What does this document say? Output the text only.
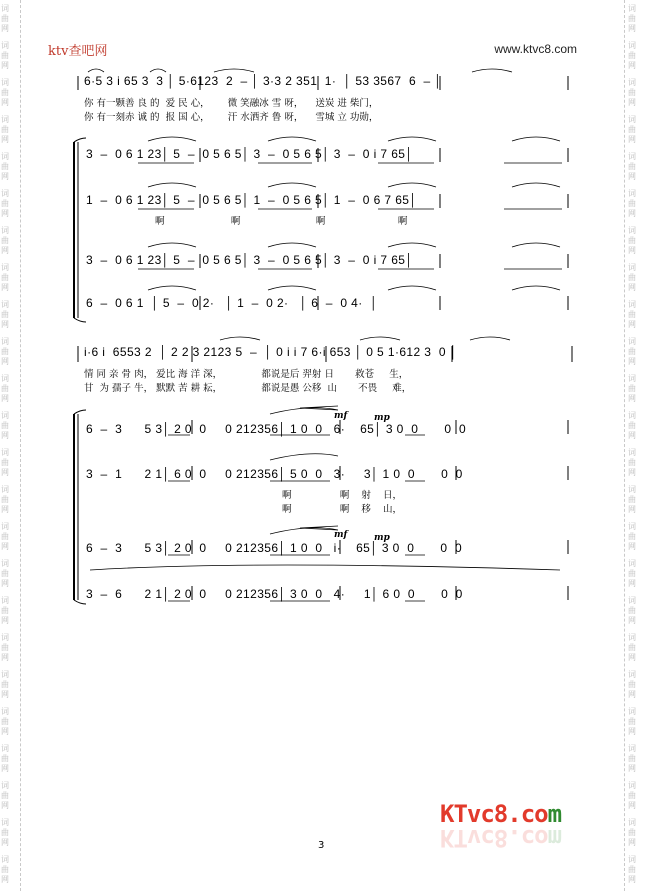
词
曲
网
词
曲
网
词
曲
网
词
曲
网
词
曲
网
词
曲
网
词
曲
网
词
曲
网
词
曲
网
词
曲
网
词
曲
网
词
曲
网
词
曲
网
词
曲
网
词
曲
网
词
曲
网
词
曲
网
词
曲
网
词
曲
网
词
曲
网
词
曲
网
词
曲
网
词
曲
网
词
曲
网
词
曲
网
词
曲
网
词
曲
网
词
曲
网
词
曲
网
词
曲
网
词
曲
网
词
曲
网
词
曲
网
词
曲
网
词
曲
网
词
曲
网
词
曲
网
词
曲
网
词
曲
网
词
曲
网
词
曲
网
词
曲
网
词
曲
网
词
曲
网
词
曲
网
词
曲
网
词
曲
网
词
曲
网
ktv查吧网	www.ktvc8.com
6·5 3 i 65 3  3 │ 5·6123  2  – │ 3·3 2 351  1·  │ 53 3567  6  – │
你 有一颗善 良 的  爱 民 心，      微 笑融冰 雪 呀，    送炭 进 柴门，
你 有一刻赤 诚 的  报 国 心，      汗 水洒齐 鲁 呀，    雪城 立 功勋，
3  –  0 6 1 23│ 5  –  0 5 6 5│ 3  –  0 5 6 5│ 3  –  0 i 7 65│
1  –  0 6 1 23│ 5  –  0 5 6 5│ 1  –  0 5 6 5│ 1  –  0 6 7 65│
啊                      啊                         啊                        啊
3  –  0 6 1 23│ 5  –  0 5 6 5│ 3  –  0 5 6 5│ 3  –  0 i 7 65│
6  –  0 6 1  │ 5  –  0 2·   │ 1  –  0 2·   │ 6  –  0 4·  │
i·6 i  6553 2  │ 2 2 3 2123 5  –  │ 0 i i 7 6·i 653 │ 0 5 1·612 3  0 │
情 同 亲 骨 肉， 爱比 海 洋 深，             都说是后 羿射 日       救苍     生，
甘  为 孺子 牛， 默默 苦 耕 耘，             都说是愚 公移  山       不畏     难，
mf	mp
6  –  3      5 3│ 2 0  0     0 212356│ 1 0  0   6·    65│ 3 0  0       0  0
3  –  1      2 1│ 6 0  0     0 212356│ 5 0  0   3·     3│ 1 0  0       0  0
啊                啊    射    日，
啊                啊    移    山，
mf	mp
6  –  3      5 3│ 2 0  0     0 212356│ 1 0  0   i·    65│ 3 0  0       0  0
3  –  6      2 1│ 2 0  0     0 212356│ 3 0  0   4·     1│ 6 0  0       0  0
KTvc8.com
KTvc8.com
3
